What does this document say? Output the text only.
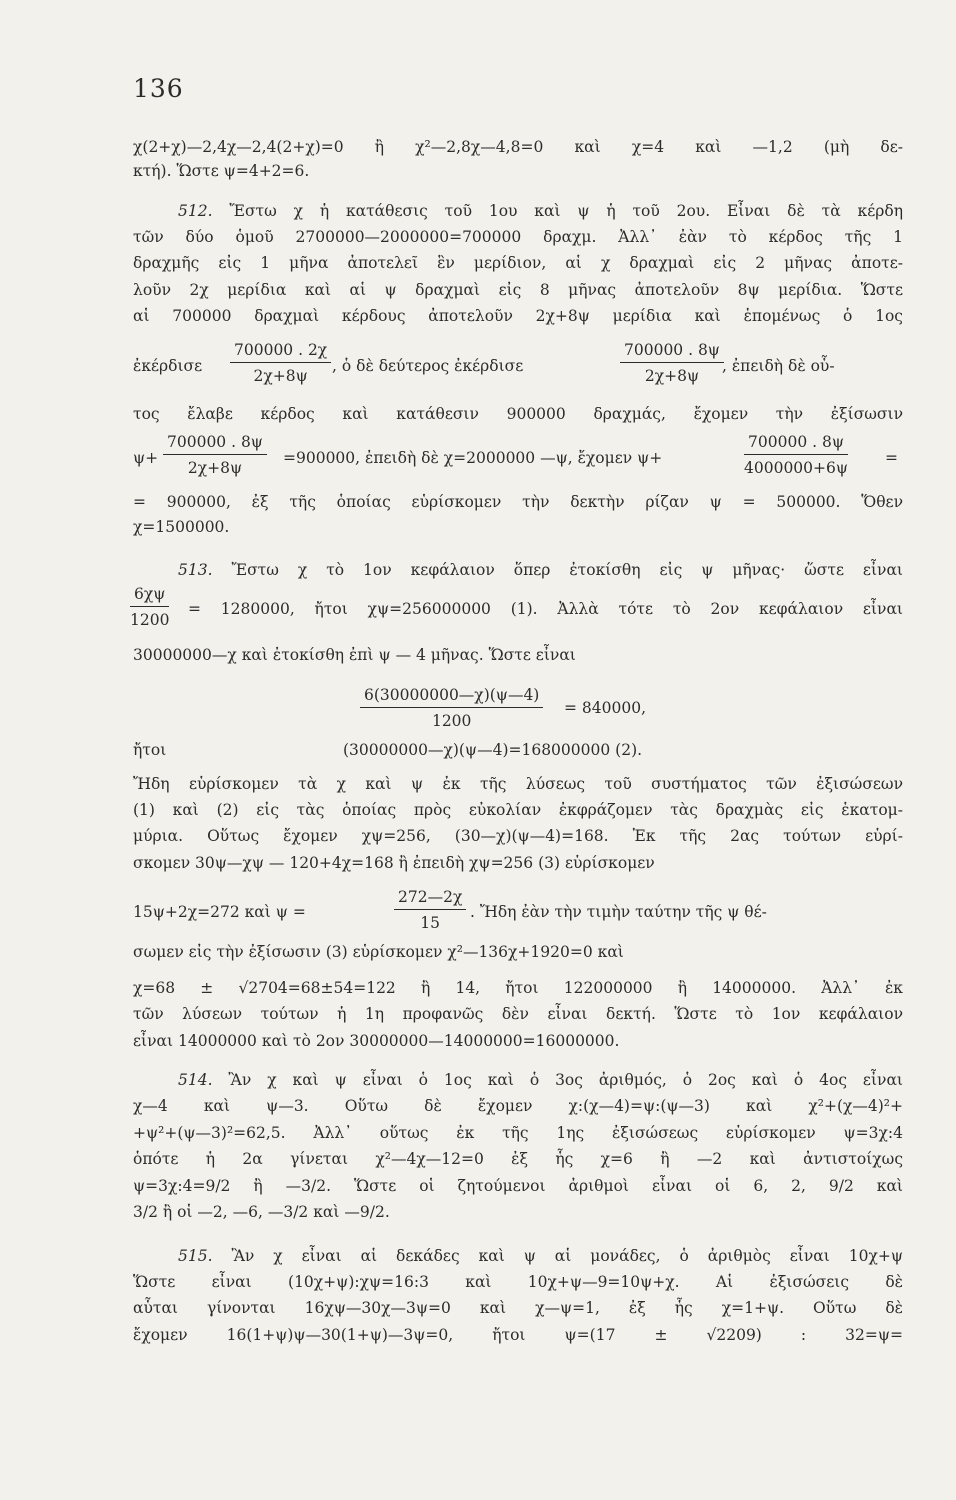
136
χ(2+χ)—2,4χ—2,4(2+χ)=0 ἢ χ²—2,8χ—4,8=0 καὶ χ=4 καὶ —1,2 (μὴ δε-
κτή). Ὥστε ψ=4+2=6.
512. Ἔστω χ ἡ κατάθεσις τοῦ 1ου καὶ ψ ἡ τοῦ 2ου. Εἶναι δὲ τὰ κέρδη
τῶν δύο ὁμοῦ 2700000—2000000=700000 δραχμ. Ἀλλ᾽ ἐὰν τὸ κέρδος τῆς 1
δραχμῆς εἰς 1 μῆνα ἀποτελεῖ ἓν μερίδιον, αἱ χ δραχμαὶ εἰς 2 μῆνας ἀποτε-
λοῦν 2χ μερίδια καὶ αἱ ψ δραχμαὶ εἰς 8 μῆνας ἀποτελοῦν 8ψ μερίδια. Ὥστε
αἱ 700000 δραχμαὶ κέρδους ἀποτελοῦν 2χ+8ψ μερίδια καὶ ἑπομένως ὁ 1ος
ἐκέρδισε
700000 . 2χ
2χ+8ψ
, ὁ δὲ δεύτερος ἐκέρδισε
700000 . 8ψ
2χ+8ψ
, ἐπειδὴ δὲ οὗ-
τος ἔλαβε κέρδος καὶ κατάθεσιν 900000 δραχμάς, ἔχομεν τὴν ἐξίσωσιν
ψ+
700000 . 8ψ
2χ+8ψ
=900000, ἐπειδὴ δὲ χ=2000000 —ψ, ἔχομεν ψ+
700000 . 8ψ
4000000+6ψ
=
= 900000, ἐξ τῆς ὁποίας εὑρίσκομεν τὴν δεκτὴν ρίζαν ψ = 500000. Ὅθεν
χ=1500000.
513. Ἔστω χ τὸ 1ον κεφάλαιον ὅπερ ἐτοκίσθη εἰς ψ μῆνας· ὥστε εἶναι
6χψ
1200
= 1280000, ἤτοι χψ=256000000 (1). Ἀλλὰ τότε τὸ 2ον κεφάλαιον εἶναι
30000000—χ καὶ ἐτοκίσθη ἐπὶ ψ — 4 μῆνας. Ὥστε εἶναι
6(30000000—χ)(ψ—4)
1200
= 840000,
ἤτοι	(30000000—χ)(ψ—4)=168000000 (2).
Ἤδη εὑρίσκομεν τὰ χ καὶ ψ ἐκ τῆς λύσεως τοῦ συστήματος τῶν ἐξισώσεων
(1) καὶ (2) εἰς τὰς ὁποίας πρὸς εὐκολίαν ἐκφράζομεν τὰς δραχμὰς εἰς ἑκατομ-
μύρια. Οὕτως ἔχομεν χψ=256, (30—χ)(ψ—4)=168. Ἐκ τῆς 2ας τούτων εὑρί-
σκομεν 30ψ—χψ — 120+4χ=168 ἢ ἐπειδὴ χψ=256 (3) εὑρίσκομεν
15ψ+2χ=272 καὶ ψ =
272—2χ
15
. Ἤδη ἐὰν τὴν τιμὴν ταύτην τῆς ψ θέ-
σωμεν εἰς τὴν ἐξίσωσιν (3) εὑρίσκομεν χ²—136χ+1920=0 καὶ
χ=68 ± √2704=68±54=122 ἢ 14, ἤτοι 122000000 ἢ 14000000. Ἀλλ᾽ ἐκ
τῶν λύσεων τούτων ἡ 1η προφανῶς δὲν εἶναι δεκτή. Ὥστε τὸ 1ον κεφάλαιον
εἶναι 14000000 καὶ τὸ 2ον 30000000—14000000=16000000.
514. Ἂν χ καὶ ψ εἶναι ὁ 1ος καὶ ὁ 3ος ἀριθμός, ὁ 2ος καὶ ὁ 4ος εἶναι
χ—4 καὶ ψ—3. Οὕτω δὲ ἔχομεν χ:(χ—4)=ψ:(ψ—3) καὶ χ²+(χ—4)²+
+ψ²+(ψ—3)²=62,5. Ἀλλ᾽ οὕτως ἐκ τῆς 1ης ἐξισώσεως εὑρίσκομεν ψ=3χ:4
ὁπότε ἡ 2α γίνεται χ²—4χ—12=0 ἐξ ἧς χ=6 ἢ —2 καὶ ἀντιστοίχως
ψ=3χ:4=9/2 ἢ —3/2. Ὥστε οἱ ζητούμενοι ἀριθμοὶ εἶναι οἱ 6, 2, 9/2 καὶ
3/2 ἢ οἱ —2, —6, —3/2 καὶ —9/2.
515. Ἂν χ εἶναι αἱ δεκάδες καὶ ψ αἱ μονάδες, ὁ ἀριθμὸς εἶναι 10χ+ψ
Ὥστε εἶναι (10χ+ψ):χψ=16:3 καὶ 10χ+ψ—9=10ψ+χ. Αἱ ἐξισώσεις δὲ
αὗται γίνονται 16χψ—30χ—3ψ=0 καὶ χ—ψ=1, ἐξ ἧς χ=1+ψ. Οὕτω δὲ
ἔχομεν 16(1+ψ)ψ—30(1+ψ)—3ψ=0, ἤτοι ψ=(17 ± √2209) : 32=ψ=
